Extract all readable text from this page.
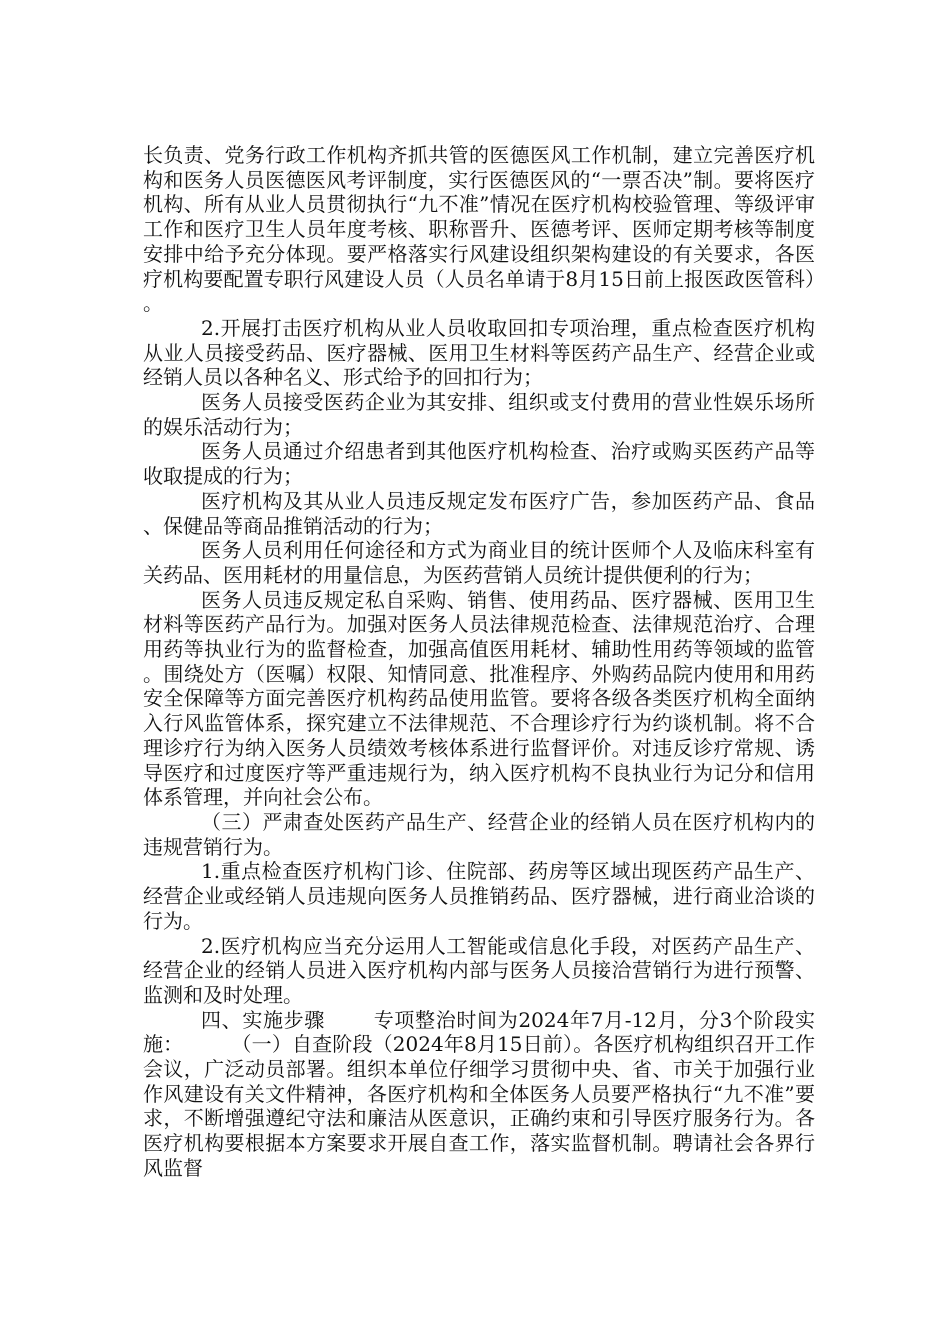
长负责、党务行政工作机构齐抓共管的医德医风工作机制，建立完善医疗机构和医务人员医德医风考评制度，实行医德医风的“一票否决”制。要将医疗机构、所有从业人员贯彻执行“九不准”情况在医疗机构校验管理、等级评审工作和医疗卫生人员年度考核、职称晋升、医德考评、医师定期考核等制度安排中给予充分体现。要严格落实行风建设组织架构建设的有关要求，各医疗机构要配置专职行风建设人员（人员名单请于8月15日前上报医政医管科）。

2.开展打击医疗机构从业人员收取回扣专项治理，重点检查医疗机构从业人员接受药品、医疗器械、医用卫生材料等医药产品生产、经营企业或经销人员以各种名义、形式给予的回扣行为；

医务人员接受医药企业为其安排、组织或支付费用的营业性娱乐场所的娱乐活动行为；

医务人员通过介绍患者到其他医疗机构检查、治疗或购买医药产品等收取提成的行为；

医疗机构及其从业人员违反规定发布医疗广告，参加医药产品、食品、保健品等商品推销活动的行为；

医务人员利用任何途径和方式为商业目的统计医师个人及临床科室有关药品、医用耗材的用量信息，为医药营销人员统计提供便利的行为；

医务人员违反规定私自采购、销售、使用药品、医疗器械、医用卫生材料等医药产品行为。加强对医务人员法律规范检查、法律规范治疗、合理用药等执业行为的监督检查，加强高值医用耗材、辅助性用药等领域的监管。围绕处方（医嘱）权限、知情同意、批准程序、外购药品院内使用和用药安全保障等方面完善医疗机构药品使用监管。要将各级各类医疗机构全面纳入行风监管体系，探究建立不法律规范、不合理诊疗行为约谈机制。将不合理诊疗行为纳入医务人员绩效考核体系进行监督评价。对违反诊疗常规、诱导医疗和过度医疗等严重违规行为，纳入医疗机构不良执业行为记分和信用体系管理，并向社会公布。

（三）严肃查处医药产品生产、经营企业的经销人员在医疗机构内的违规营销行为。

1.重点检查医疗机构门诊、住院部、药房等区域出现医药产品生产、经营企业或经销人员违规向医务人员推销药品、医疗器械，进行商业洽谈的行为。

2.医疗机构应当充分运用人工智能或信息化手段，对医药产品生产、经营企业的经销人员进入医疗机构内部与医务人员接洽营销行为进行预警、监测和及时处理。

四、实施步骤 专项整治时间为2024年7月-12月，分3个阶段实施： （一）自查阶段（2024年8月15日前）。各医疗机构组织召开工作会议，广泛动员部署。组织本单位仔细学习贯彻中央、省、市关于加强行业作风建设有关文件精神，各医疗机构和全体医务人员要严格执行“九不准”要求，不断增强遵纪守法和廉洁从医意识，正确约束和引导医疗服务行为。各医疗机构要根据本方案要求开展自查工作，落实监督机制。聘请社会各界行风监督
